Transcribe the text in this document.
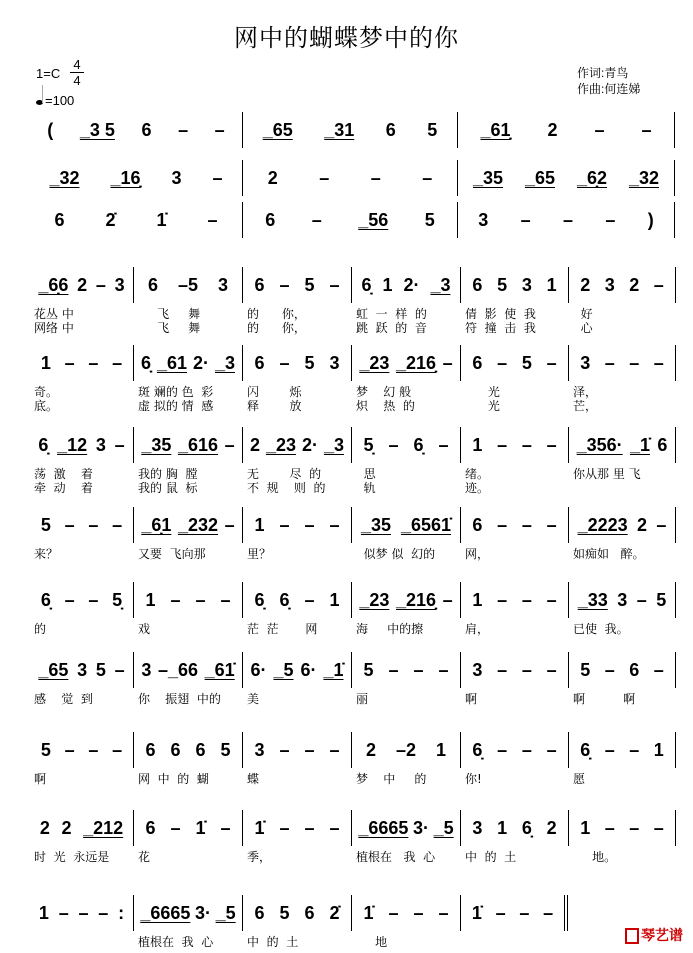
网中的蝴蝶梦中的你
1=C
4
4
=100
作词:青鸟
作曲:何连娣
( _3 5 6 – – _65 _31 6 5 _61̣ 2 – –
_32 _16̣ 3 –	2 – – – _35 _65 _6̣2 _32
6 2̇ 1̇ –	6 – _56 5 3 – – – )
_6̣6 2 – 3
花丛 中
网络 中
6 –5 3
飞     舞
飞     舞
6 – 5 –
的      你，
的      你，
6̣ 1 2· _3
虹  一  样  的
跳  跃  的  音
6 5 3 1
倩  影  使  我
符  撞  击  我
2 3 2 –
好
心
1 – – –
奇。
底。
6̣ _61 2· _3
斑 斓的 色  彩
虚 拟的 情  感
6 – 5 3
闪        烁
释        放
_23 _216̣ –
梦    幻 般
炽    热  的
6 – 5 –
光
光
3 – – –
泽，
芒，
6̣ _12 3 –
荡  激    着
牵  动    着
_35 _616 –
我的 胸  膛
我的 鼠  标
2 _23 2· _3
无        尽  的
不  规    则  的
5̣ – 6̣ –
思
轨
1 – – –
绪。
迹。
_356· _1̇ 6
你从那 里 飞
5 – – –
来？
_6̣1 _232 –
又要  飞向那
1 – – –
里？
_35 _6561̇
似梦 似  幻的
6 – – –
网，
_2223 2 –
如痴如   醉。
6̣ – – 5̣
的
1 – – –
戏
6̣ 6̣ – 1
茫  茫       网
_23 _216̣ –
海     中的擦
1 – – –
肩，
_33 3 – 5
已使  我。
_65 3 5 –
感    觉  到
3 –_66 _61̇
你    振翅  中的
6· _5 6· _1̇
美
5 – – –
丽
3 – – –
啊
5 – 6 –
啊          啊
5 – – –
啊
6 6 6 5
网  中  的  蝴
3 – – –
蝶
2 –2 1
梦    中     的
6̣ – – –
你!
6̣ – – 1
愿
2 2 _212
时  光  永远是
6 – 1̇ –
花
1̇ – – –
季，
_6665 3· _5
植根在   我  心
3 1 6̣ 2
中  的  土
1 – – –
地。
1 – – – : _6665 3· _5
植根在  我  心
6 5 6 2̇
中  的  土
1̇ – – –
地
1̇ – – –
琴艺谱
